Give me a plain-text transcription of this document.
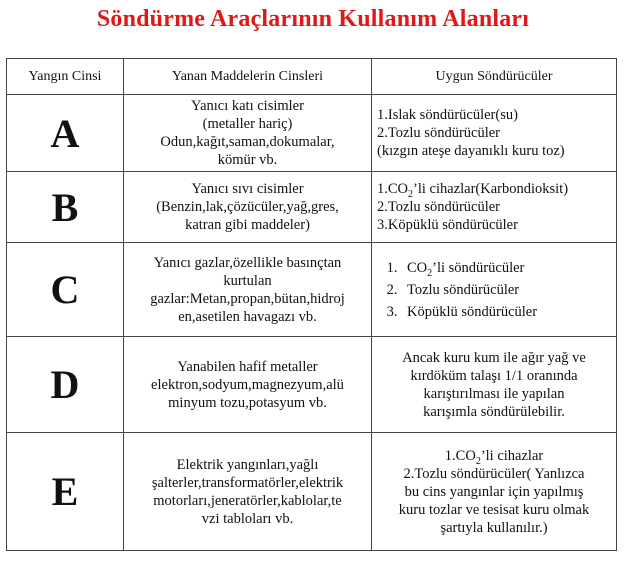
Söndürme Araçlarının Kullanım Alanları
Yangın Cinsi	Yanan Maddelerin Cinsleri	Uygun Söndürücüler
A	Yanıcı katı cisimler
(metaller hariç)
Odun,kağıt,saman,dokumalar,
kömür vb.	1.Islak söndürücüler(su)
2.Tozlu söndürücüler
(kızgın ateşe dayanıklı kuru toz)

B	Yanıcı sıvı cisimler
(Benzin,lak,çözücüler,yağ,gres,
katran gibi maddeler)	$1.CO_2’li$ cihazlar(Karbondioksit)
2.Tozlu söndürücüler
3.Köpüklü söndürücüler

C	Yanıcı gazlar,özellikle basınçtan
kurtulan
gazlar:Metan,propan,bütan,hidroj
en,asetilen havagazı vb.	1. $CO_2’li$ söndürücüler
2. Tozlu söndürücüler
3. Köpüklü söndürücüler

D	Yanabilen hafif metaller
elektron,sodyum,magnezyum,alü
minyum tozu,potasyum vb.	Ancak kuru kum ile ağır yağ ve
kırdöküm talaşı 1/1 oranında
karıştırılması ile yapılan
karışımla söndürülebilir.

E	Elektrik yangınları,yağlı
şalterler,transformatörler,elektrik
motorları,jeneratörler,kablolar,te
vzi tabloları vb.	$1.CO_2’li$ cihazlar
2.Tozlu söndürücüler( Yanlızca
bu cins yangınlar için yapılmış
kuru tozlar ve tesisat kuru olmak
şartıyla kullanılır.)
